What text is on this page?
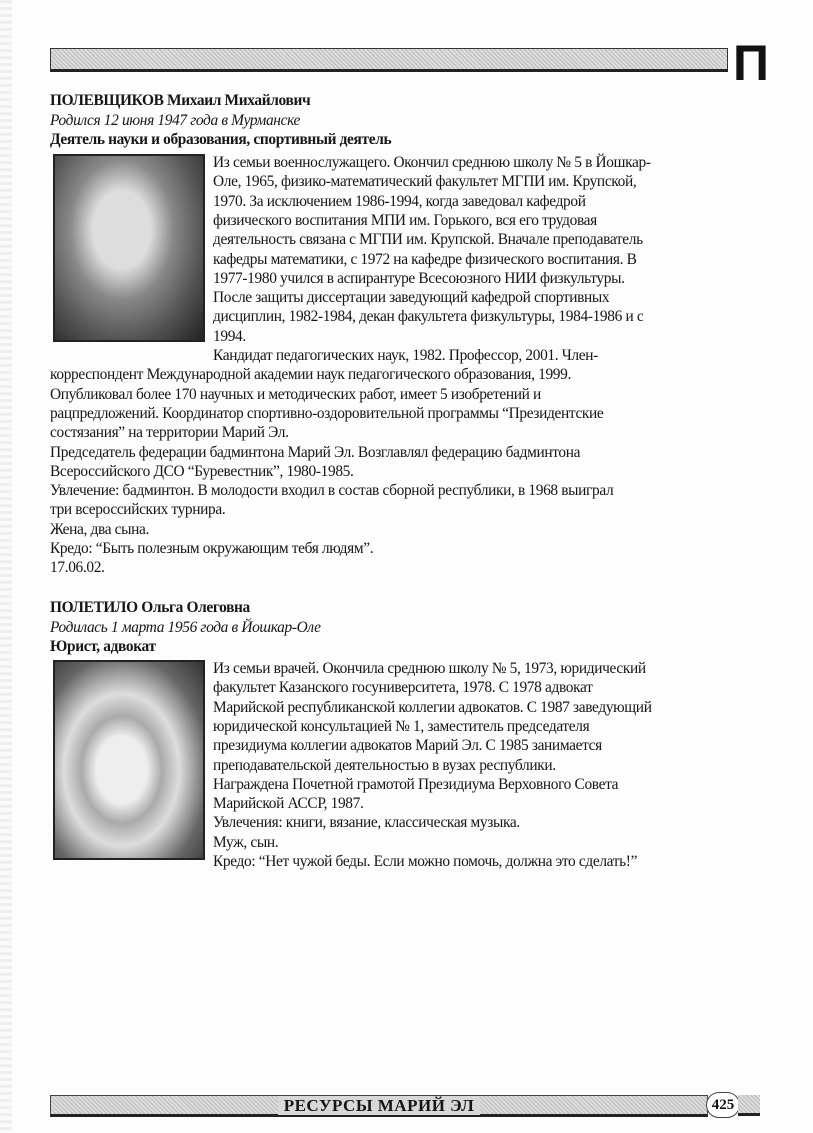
П
ПОЛЕВЩИКОВ Михаил Михайлович
Родился 12 июня 1947 года в Мурманске
Деятель науки и образования, спортивный деятель
Из семьи военнослужащего. Окончил среднюю школу № 5 в Йошкар-
Оле, 1965, физико-математический факультет МГПИ им. Крупской,
1970. За исключением 1986-1994, когда заведовал кафедрой
физического воспитания МПИ им. Горького, вся его трудовая
деятельность связана с МГПИ им. Крупской. Вначале преподаватель
кафедры математики, с 1972 на кафедре физического воспитания. В
1977-1980 учился в аспирантуре Всесоюзного НИИ физкультуры.
После защиты диссертации заведующий кафедрой спортивных
дисциплин, 1982-1984, декан факультета физкультуры, 1984-1986 и с
1994.
Кандидат педагогических наук, 1982. Профессор, 2001. Член-
корреспондент Международной академии наук педагогического образования, 1999.
Опубликовал более 170 научных и методических работ, имеет 5 изобретений и
рацпредложений. Координатор спортивно-оздоровительной программы “Президентские
состязания” на территории Марий Эл.
Председатель федерации бадминтона Марий Эл. Возглавлял федерацию бадминтона
Всероссийского ДСО “Буревестник”, 1980-1985.
Увлечение: бадминтон. В молодости входил в состав сборной республики, в 1968 выиграл
три всероссийских турнира.
Жена, два сына.
Кредо: “Быть полезным окружающим тебя людям”.
17.06.02.
ПОЛЕТИЛО Ольга Олеговна
Родилась 1 марта 1956 года в Йошкар-Оле
Юрист, адвокат
Из семьи врачей. Окончила среднюю школу № 5, 1973, юридический
факультет Казанского госуниверситета, 1978. С 1978 адвокат
Марийской республиканской коллегии адвокатов. С 1987 заведующий
юридической консультацией № 1, заместитель председателя
президиума коллегии адвокатов Марий Эл. С 1985 занимается
преподавательской деятельностью в вузах республики.
Награждена Почетной грамотой Президиума Верховного Совета
Марийской АССР, 1987.
Увлечения: книги, вязание, классическая музыка.
Муж, сын.
Кредо: “Нет чужой беды. Если можно помочь, должна это сделать!”
РЕСУРСЫ МАРИЙ ЭЛ	425
